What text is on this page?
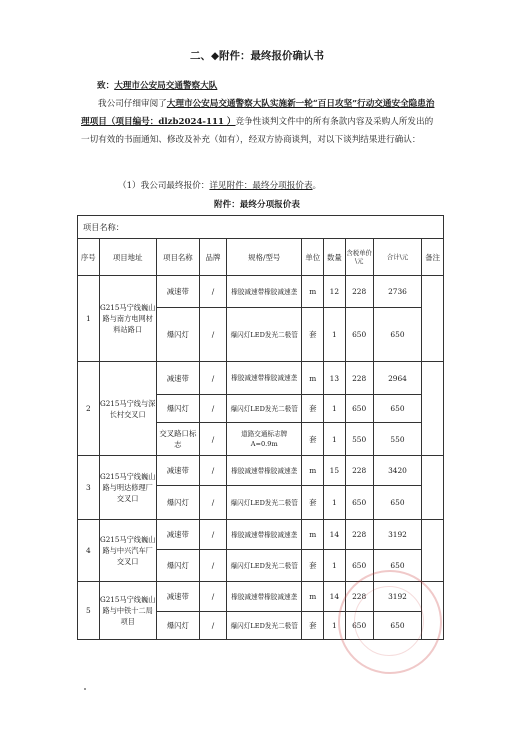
二、◆附件：最终报价确认书
致：大理市公安局交通警察大队
我公司仔细审阅了大理市公安局交通警察大队实施新一轮“百日攻坚”行动交通安全隐患治理项目（项目编号：dlzb2024-111 ）竞争性谈判文件中的所有条款内容及采购人所发出的一切有效的书面通知、修改及补充（如有），经双方协商谈判，对以下谈判结果进行确认：
（1）我公司最终报价：详见附件：最终分项报价表。
附件：最终分项报价表
项目名称：									
序号	项目地址	项目名称	品牌	规格/型号	单位	数量	含税单价\元	合计\元	备注
1	G215马宁线巍山路与南方电网材料站路口	减速带	/	橡胶减速带橡胶减速垄	m	12	228	2736	
		爆闪灯	/	爆闪灯LED发光二极管	套	1	650	650	
2	G215马宁线与深长村交叉口	减速带	/	橡胶减速带橡胶减速垄	m	13	228	2964	
		爆闪灯	/	爆闪灯LED发光二极管	套	1	650	650	
		交叉路口标志	/	道路交通标志牌 A=0.9m	套	1	550	550	
3	G215马宁线巍山路与明达修理厂交叉口	减速带	/	橡胶减速带橡胶减速垄	m	15	228	3420	
		爆闪灯	/	爆闪灯LED发光二极管	套	1	650	650	
4	G215马宁线巍山路与中兴汽车厂交叉口	减速带	/	橡胶减速带橡胶减速垄	m	14	228	3192	
		爆闪灯	/	爆闪灯LED发光二极管	套	1	650	650	
5	G215马宁线巍山路与中铁十二局项目	减速带	/	橡胶减速带橡胶减速垄	m	14	228	3192	
		爆闪灯	/	爆闪灯LED发光二极管	套	1	650	650	
